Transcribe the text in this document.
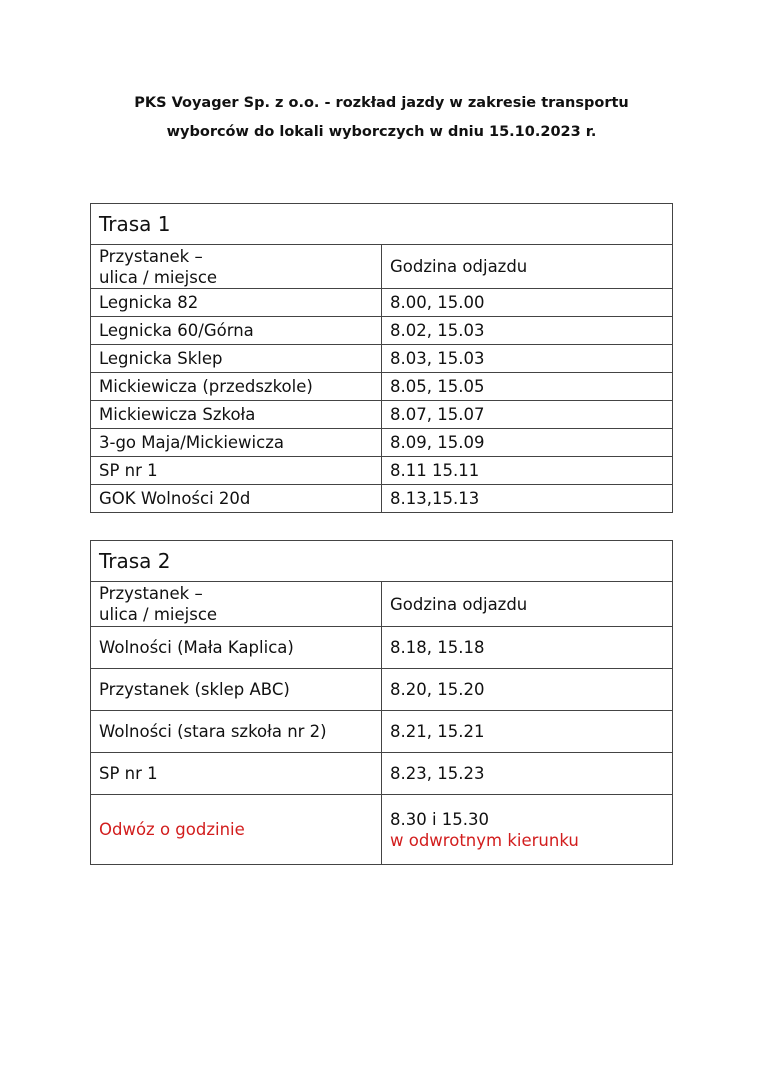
PKS Voyager Sp. z o.o. - rozkład jazdy w zakresie transportu
wyborców do lokali wyborczych w dniu 15.10.2023 r.
Trasa 1	

Przystanek –
ulica / miejsce	Godzina odjazdu
Legnicka 82	8.00, 15.00
Legnicka 60/Górna	8.02, 15.03
Legnicka Sklep	8.03, 15.03
Mickiewicza (przedszkole)	8.05, 15.05
Mickiewicza Szkoła	8.07, 15.07
3-go Maja/Mickiewicza	8.09, 15.09
SP nr 1	8.11 15.11
GOK Wolności 20d	8.13,15.13
Trasa 2	

Przystanek –
ulica / miejsce	Godzina odjazdu
Wolności (Mała Kaplica)	8.18, 15.18
Przystanek (sklep ABC)	8.20, 15.20
Wolności (stara szkoła nr 2)	8.21, 15.21
SP nr 1	8.23, 15.23
Odwóz o godzinie	8.30 i 15.30
w odwrotnym kierunku
